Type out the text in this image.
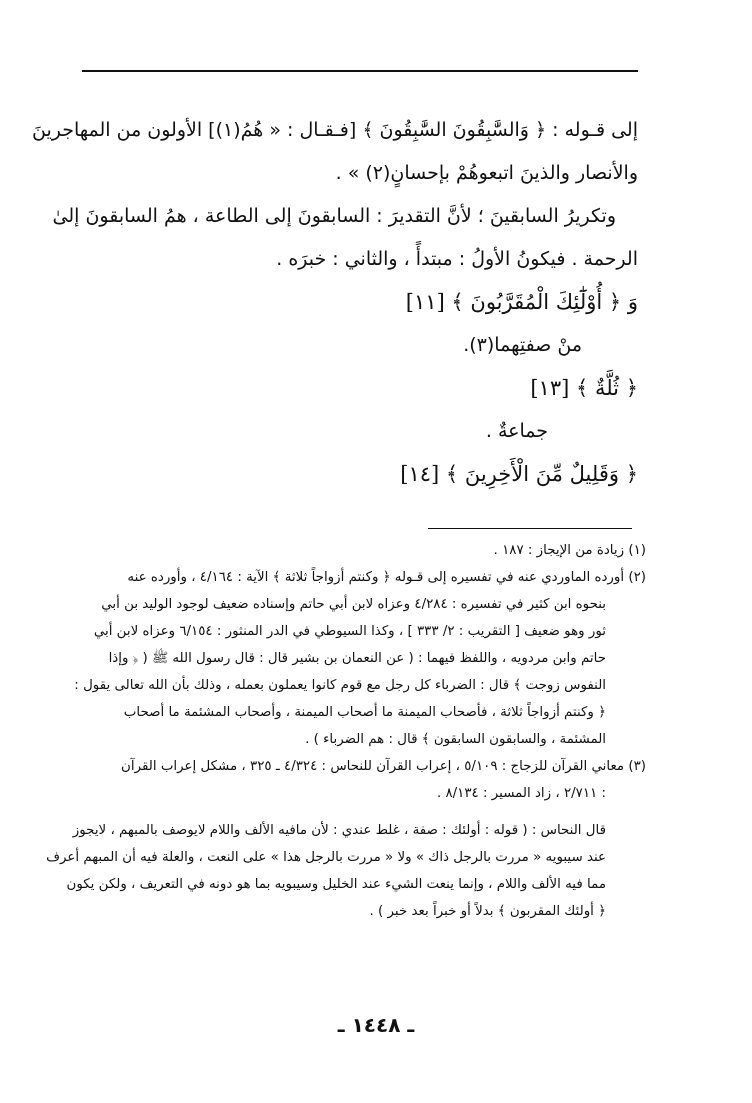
إلى قـوله : ﴿ وَالسَّٰبِقُونَ السَّٰبِقُونَ ﴾ [فـقـال : « هُمُ(١)] الأولون من المهاجرينَ
والأنصار والذينَ اتبعوهُمْ بإحسانٍ(٢) » .
وتكريرُ السابقينَ ؛ لأنَّ التقديرَ : السابقونَ إلى الطاعة ، همُ السابقونَ إلىٰ
الرحمة . فيكونُ الأولُ : مبتدأً ، والثاني : خبرَه .
وَ ﴿ أُوْلَٰٓئِكَ الْمُقَرَّبُونَ ﴾ [١١]
منْ صفتِهما(٣).
﴿ ثُلَّةٌ ﴾ [١٣]
جماعةٌ .
﴿ وَقَلِيلٌ مِّنَ الْأَخِرِينَ ﴾ [١٤]
(١) زيادة من الإيجاز : ١٨٧ .
(٢) أورده الماوردي عنه في تفسيره إلى قـوله ﴿ وكنتم أزواجاً ثلاثة ﴾ الآية : ٤/١٦٤ ، وأورده عنه
بنحوه ابن كثير في تفسيره : ٤/٢٨٤ وعزاه لابن أبي حاتم وإسناده ضعيف لوجود الوليد بن أبي
ثور وهو ضعيف [ التقريب : ٢/ ٣٣٣ ] ، وكذا السيوطي في الدر المنثور : ٦/١٥٤ وعزاه لابن أبي
حاتم وابن مردويه ، واللفظ فيهما : ( عن النعمان بن بشير قال : قال رسول الله ﷺ ( ﴿ وإذا
النفوس زوجت ﴾ قال : الضرباء كل رجل مع قوم كانوا يعملون بعمله ، وذلك بأن الله تعالى يقول :
﴿ وكنتم أزواجاً ثلاثة ، فأصحاب الميمنة ما أصحاب الميمنة ، وأصحاب المشئمة ما أصحاب
المشئمة ، والسابقون السابقون ﴾ قال : هم الضرباء ) .
(٣) معاني القرآن للزجاج : ٥/١٠٩ ، إعراب القرآن للنحاس : ٤/٣٢٤ ـ ٣٢٥ ، مشكل إعراب القرآن
: ٢/٧١١ ، زاد المسير : ٨/١٣٤ .
قال النحاس : ( قوله : أولئك : صفة ، غلط عندي : لأن مافيه الألف واللام لايوصف بالمبهم ، لايجوز
عند سيبويه « مررت بالرجل ذاك » ولا « مررت بالرجل هذا » على النعت ، والعلة فيه أن المبهم أعرف
مما فيه الألف واللام ، وإنما ينعت الشيء عند الخليل وسيبويه بما هو دونه في التعريف ، ولكن يكون
﴿ أولئك المقربون ﴾ بدلاً أو خبراً بعد خبر ) .
ـ ١٤٤٨ ـ
